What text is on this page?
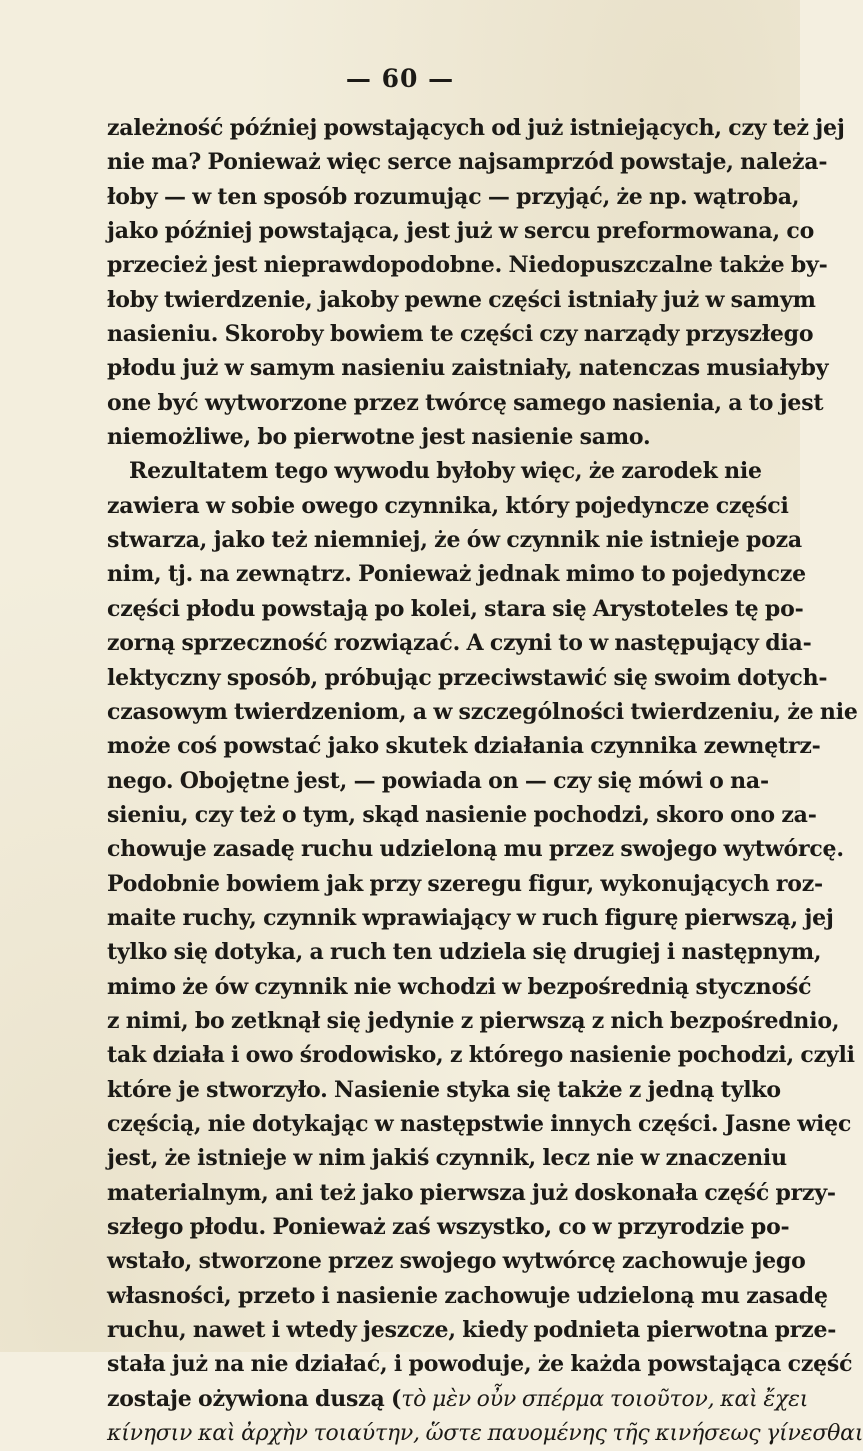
— 60 —
zależność później powstających od już istniejących, czy też jej
nie ma? Ponieważ więc serce najsamprzód powstaje, należa-
łoby — w ten sposób rozumując — przyjąć, że np. wątroba,
jako później powstająca, jest już w sercu preformowana, co
przecież jest nieprawdopodobne. Niedopuszczalne także by-
łoby twierdzenie, jakoby pewne części istniały już w samym
nasieniu. Skoroby bowiem te części czy narządy przyszłego
płodu już w samym nasieniu zaistniały, natenczas musiałyby
one być wytworzone przez twórcę samego nasienia, a to jest
niemożliwe, bo pierwotne jest nasienie samo.
Rezultatem tego wywodu byłoby więc, że zarodek nie
zawiera w sobie owego czynnika, który pojedyncze części
stwarza, jako też niemniej, że ów czynnik nie istnieje poza
nim, tj. na zewnątrz. Ponieważ jednak mimo to pojedyncze
części płodu powstają po kolei, stara się Arystoteles tę po-
zorną sprzeczność rozwiązać. A czyni to w następujący dia-
lektyczny sposób, próbując przeciwstawić się swoim dotych-
czasowym twierdzeniom, a w szczególności twierdzeniu, że nie
może coś powstać jako skutek działania czynnika zewnętrz-
nego. Obojętne jest, — powiada on — czy się mówi o na-
sieniu, czy też o tym, skąd nasienie pochodzi, skoro ono za-
chowuje zasadę ruchu udzieloną mu przez swojego wytwórcę.
Podobnie bowiem jak przy szeregu figur, wykonujących roz-
maite ruchy, czynnik wprawiający w ruch figurę pierwszą, jej
tylko się dotyka, a ruch ten udziela się drugiej i następnym,
mimo że ów czynnik nie wchodzi w bezpośrednią styczność
z nimi, bo zetknął się jedynie z pierwszą z nich bezpośrednio,
tak działa i owo środowisko, z którego nasienie pochodzi, czyli
które je stworzyło. Nasienie styka się także z jedną tylko
częścią, nie dotykając w następstwie innych części. Jasne więc
jest, że istnieje w nim jakiś czynnik, lecz nie w znaczeniu
materialnym, ani też jako pierwsza już doskonała część przy-
szłego płodu. Ponieważ zaś wszystko, co w przyrodzie po-
wstało, stworzone przez swojego wytwórcę zachowuje jego
własności, przeto i nasienie zachowuje udzieloną mu zasadę
ruchu, nawet i wtedy jeszcze, kiedy podnieta pierwotna prze-
stała już na nie działać, i powoduje, że każda powstająca część
zostaje ożywiona duszą (τὸ μὲν οὖν σπέρμα τοιοῦτον, καὶ ἔχει
κίνησιν καὶ ἀρχὴν τοιαύτην, ὥστε παυομένης τῆς κινήσεως γίνεσθαι
